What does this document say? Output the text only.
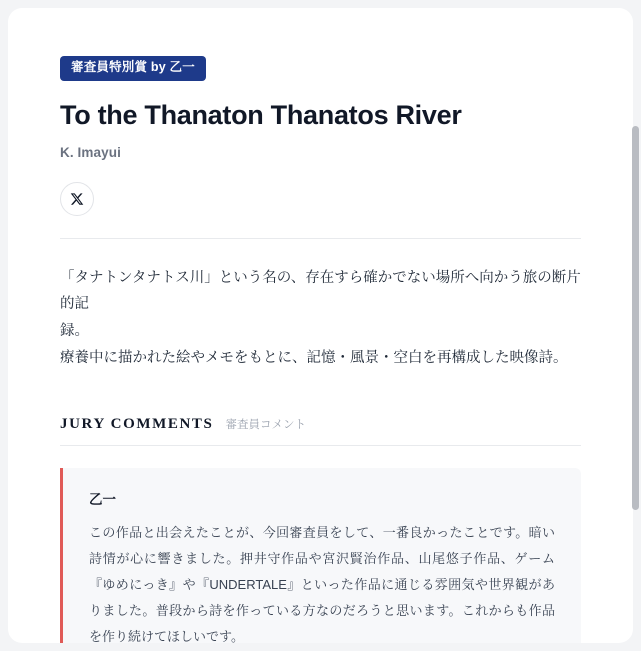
審査員特別賞 by 乙一
To the Thanaton Thanatos River
K. Imayui
「タナトンタナトス川」という名の、存在すら確かでない場所へ向かう旅の断片的記
録。
療養中に描かれた絵やメモをもとに、記憶・風景・空白を再構成した映像詩。
JURY COMMENTS 審査員コメント
乙一
この作品と出会えたことが、今回審査員をして、一番良かったことです。暗い詩情が心に響きました。押井守作品や宮沢賢治作品、山尾悠子作品、ゲーム『ゆめにっき』や『UNDERTALE』といった作品に通じる雰囲気や世界観がありました。普段から詩を作っている方なのだろうと思います。これからも作品を作り続けてほしいです。
